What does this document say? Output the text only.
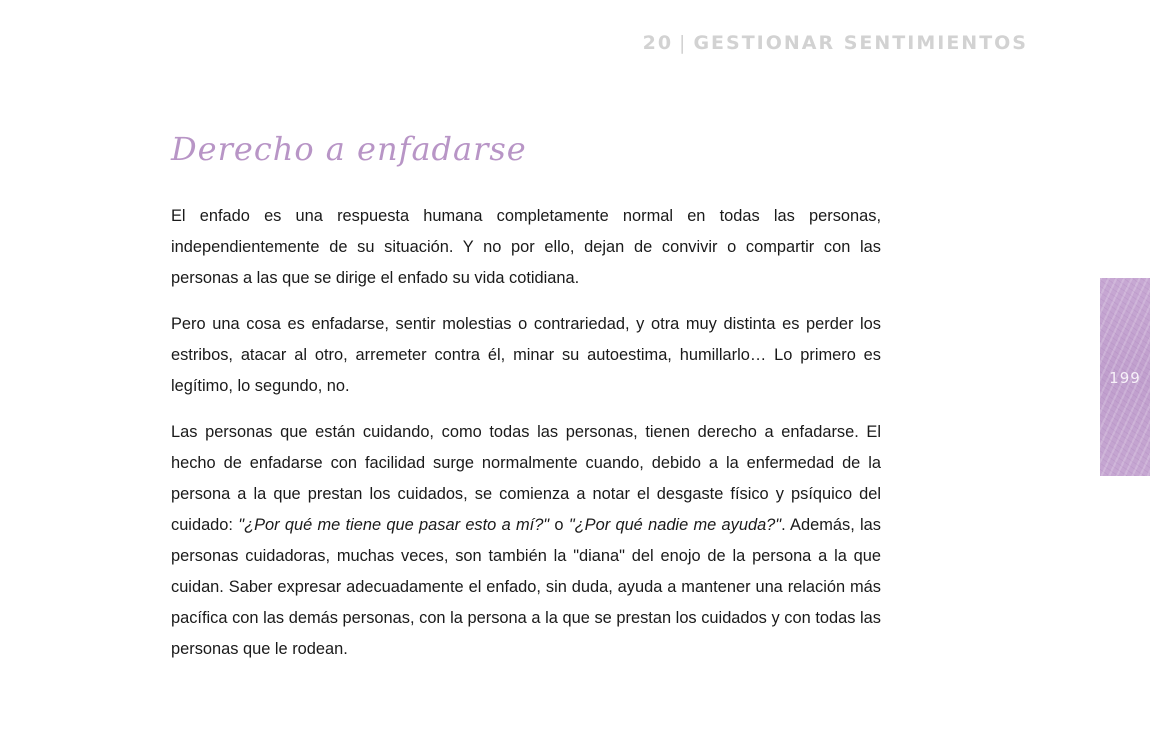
20 | GESTIONAR SENTIMIENTOS
Derecho a enfadarse

El enfado es una respuesta humana completamente normal en todas las personas, independientemente de su situación. Y no por ello, dejan de convivir o compartir con las personas a las que se dirige el enfado su vida cotidiana.

Pero una cosa es enfadarse, sentir molestias o contrariedad, y otra muy distinta es perder los estribos, atacar al otro, arremeter contra él, minar su autoestima, humillarlo… Lo primero es legítimo, lo segundo, no.

Las personas que están cuidando, como todas las personas, tienen derecho a enfadarse. El hecho de enfadarse con facilidad surge normalmente cuando, debido a la enfermedad de la persona a la que prestan los cuidados, se comienza a notar el desgaste físico y psíquico del cuidado: "¿Por qué me tiene que pasar esto a mí?" o "¿Por qué nadie me ayuda?". Además, las personas cuidadoras, muchas veces, son también la "diana" del enojo de la persona a la que cuidan. Saber expresar adecuadamente el enfado, sin duda, ayuda a mantener una relación más pacífica con las demás personas, con la persona a la que se prestan los cuidados y con todas las personas que le rodean.

199
